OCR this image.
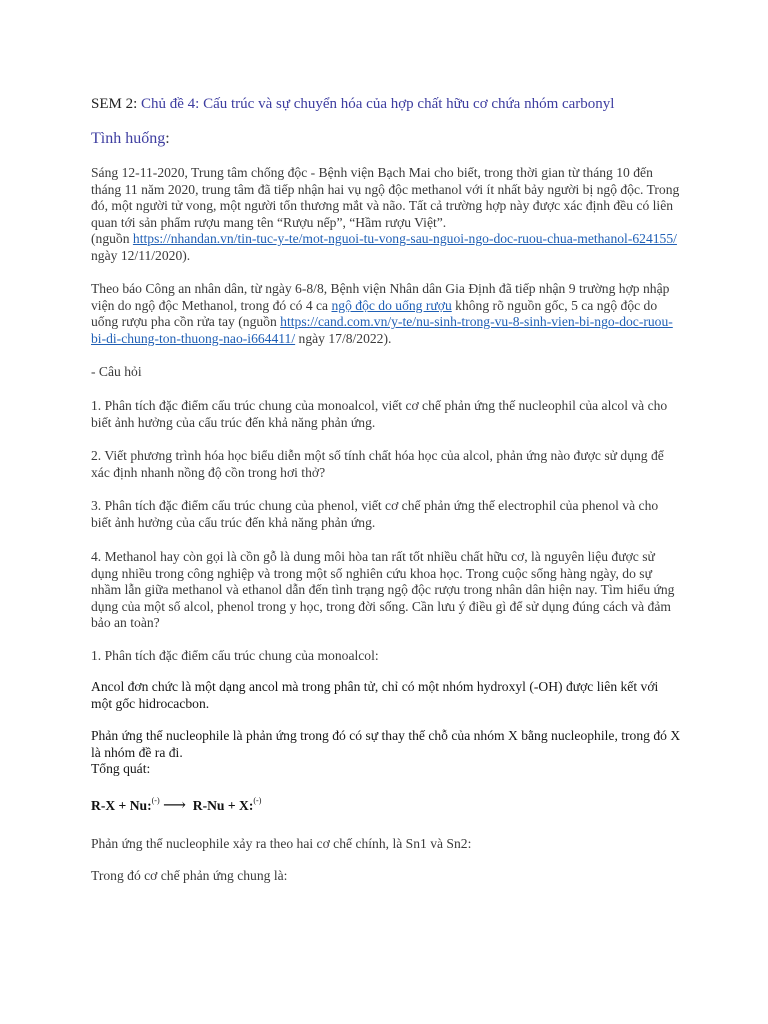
SEM 2: Chủ đề 4: Cấu trúc và sự chuyển hóa của hợp chất hữu cơ chứa nhóm carbonyl

Tình huống:

Sáng 12-11-2020, Trung tâm chống độc - Bệnh viện Bạch Mai cho biết, trong thời gian từ tháng 10 đến tháng 11 năm 2020, trung tâm đã tiếp nhận hai vụ ngộ độc methanol với ít nhất bảy người bị ngộ độc. Trong đó, một người tử vong, một người tổn thương mắt và não. Tất cả trường hợp này được xác định đều có liên quan tới sản phẩm rượu mang tên “Rượu nếp”, “Hầm rượu Việt”.
(nguồn https://nhandan.vn/tin-tuc-y-te/mot-nguoi-tu-vong-sau-nguoi-ngo-doc-ruou-chua-methanol-624155/ ngày 12/11/2020).

Theo báo Công an nhân dân, từ ngày 6-8/8, Bệnh viện Nhân dân Gia Định đã tiếp nhận 9 trường hợp nhập viện do ngộ độc Methanol, trong đó có 4 ca ngộ độc do uống rượu không rõ nguồn gốc, 5 ca ngộ độc do uống rượu pha cồn rửa tay (nguồn https://cand.com.vn/y-te/nu-sinh-trong-vu-8-sinh-vien-bi-ngo-doc-ruou-bi-di-chung-ton-thuong-nao-i664411/ ngày 17/8/2022).

- Câu hỏi

1. Phân tích đặc điểm cấu trúc chung của monoalcol, viết cơ chế phản ứng thế nucleophil của alcol và cho biết ảnh hưởng của cấu trúc đến khả năng phản ứng.

2. Viết phương trình hóa học biểu diễn một số tính chất hóa học của alcol, phản ứng nào được sử dụng để xác định nhanh nồng độ cồn trong hơi thở?

3. Phân tích đặc điểm cấu trúc chung của phenol, viết cơ chế phản ứng thế electrophil của phenol và cho biết ảnh hưởng của cấu trúc đến khả năng phản ứng.

4. Methanol hay còn gọi là cồn gỗ là dung môi hòa tan rất tốt nhiều chất hữu cơ, là nguyên liệu được sử dụng nhiều trong công nghiệp và trong một số nghiên cứu khoa học. Trong cuộc sống hàng ngày, do sự nhầm lẫn giữa methanol và ethanol dẫn đến tình trạng ngộ độc rượu trong nhân dân hiện nay. Tìm hiểu ứng dụng của một số alcol, phenol trong y học, trong đời sống. Cần lưu ý điều gì để sử dụng đúng cách và đảm bảo an toàn?

1. Phân tích đặc điểm cấu trúc chung của monoalcol:

Ancol đơn chức là một dạng ancol mà trong phân tử, chỉ có một nhóm hydroxyl (-OH) được liên kết với một gốc hidrocacbon.

Phản ứng thế nucleophile là phản ứng trong đó có sự thay thế chỗ của nhóm X bằng nucleophile, trong đó X là nhóm đề ra đi.
Tổng quát:

R-X + Nu:(-) ⟶ R-Nu + X:(-)

Phản ứng thế nucleophile xảy ra theo hai cơ chế chính, là Sn1 và Sn2:

Trong đó cơ chế phản ứng chung là:
